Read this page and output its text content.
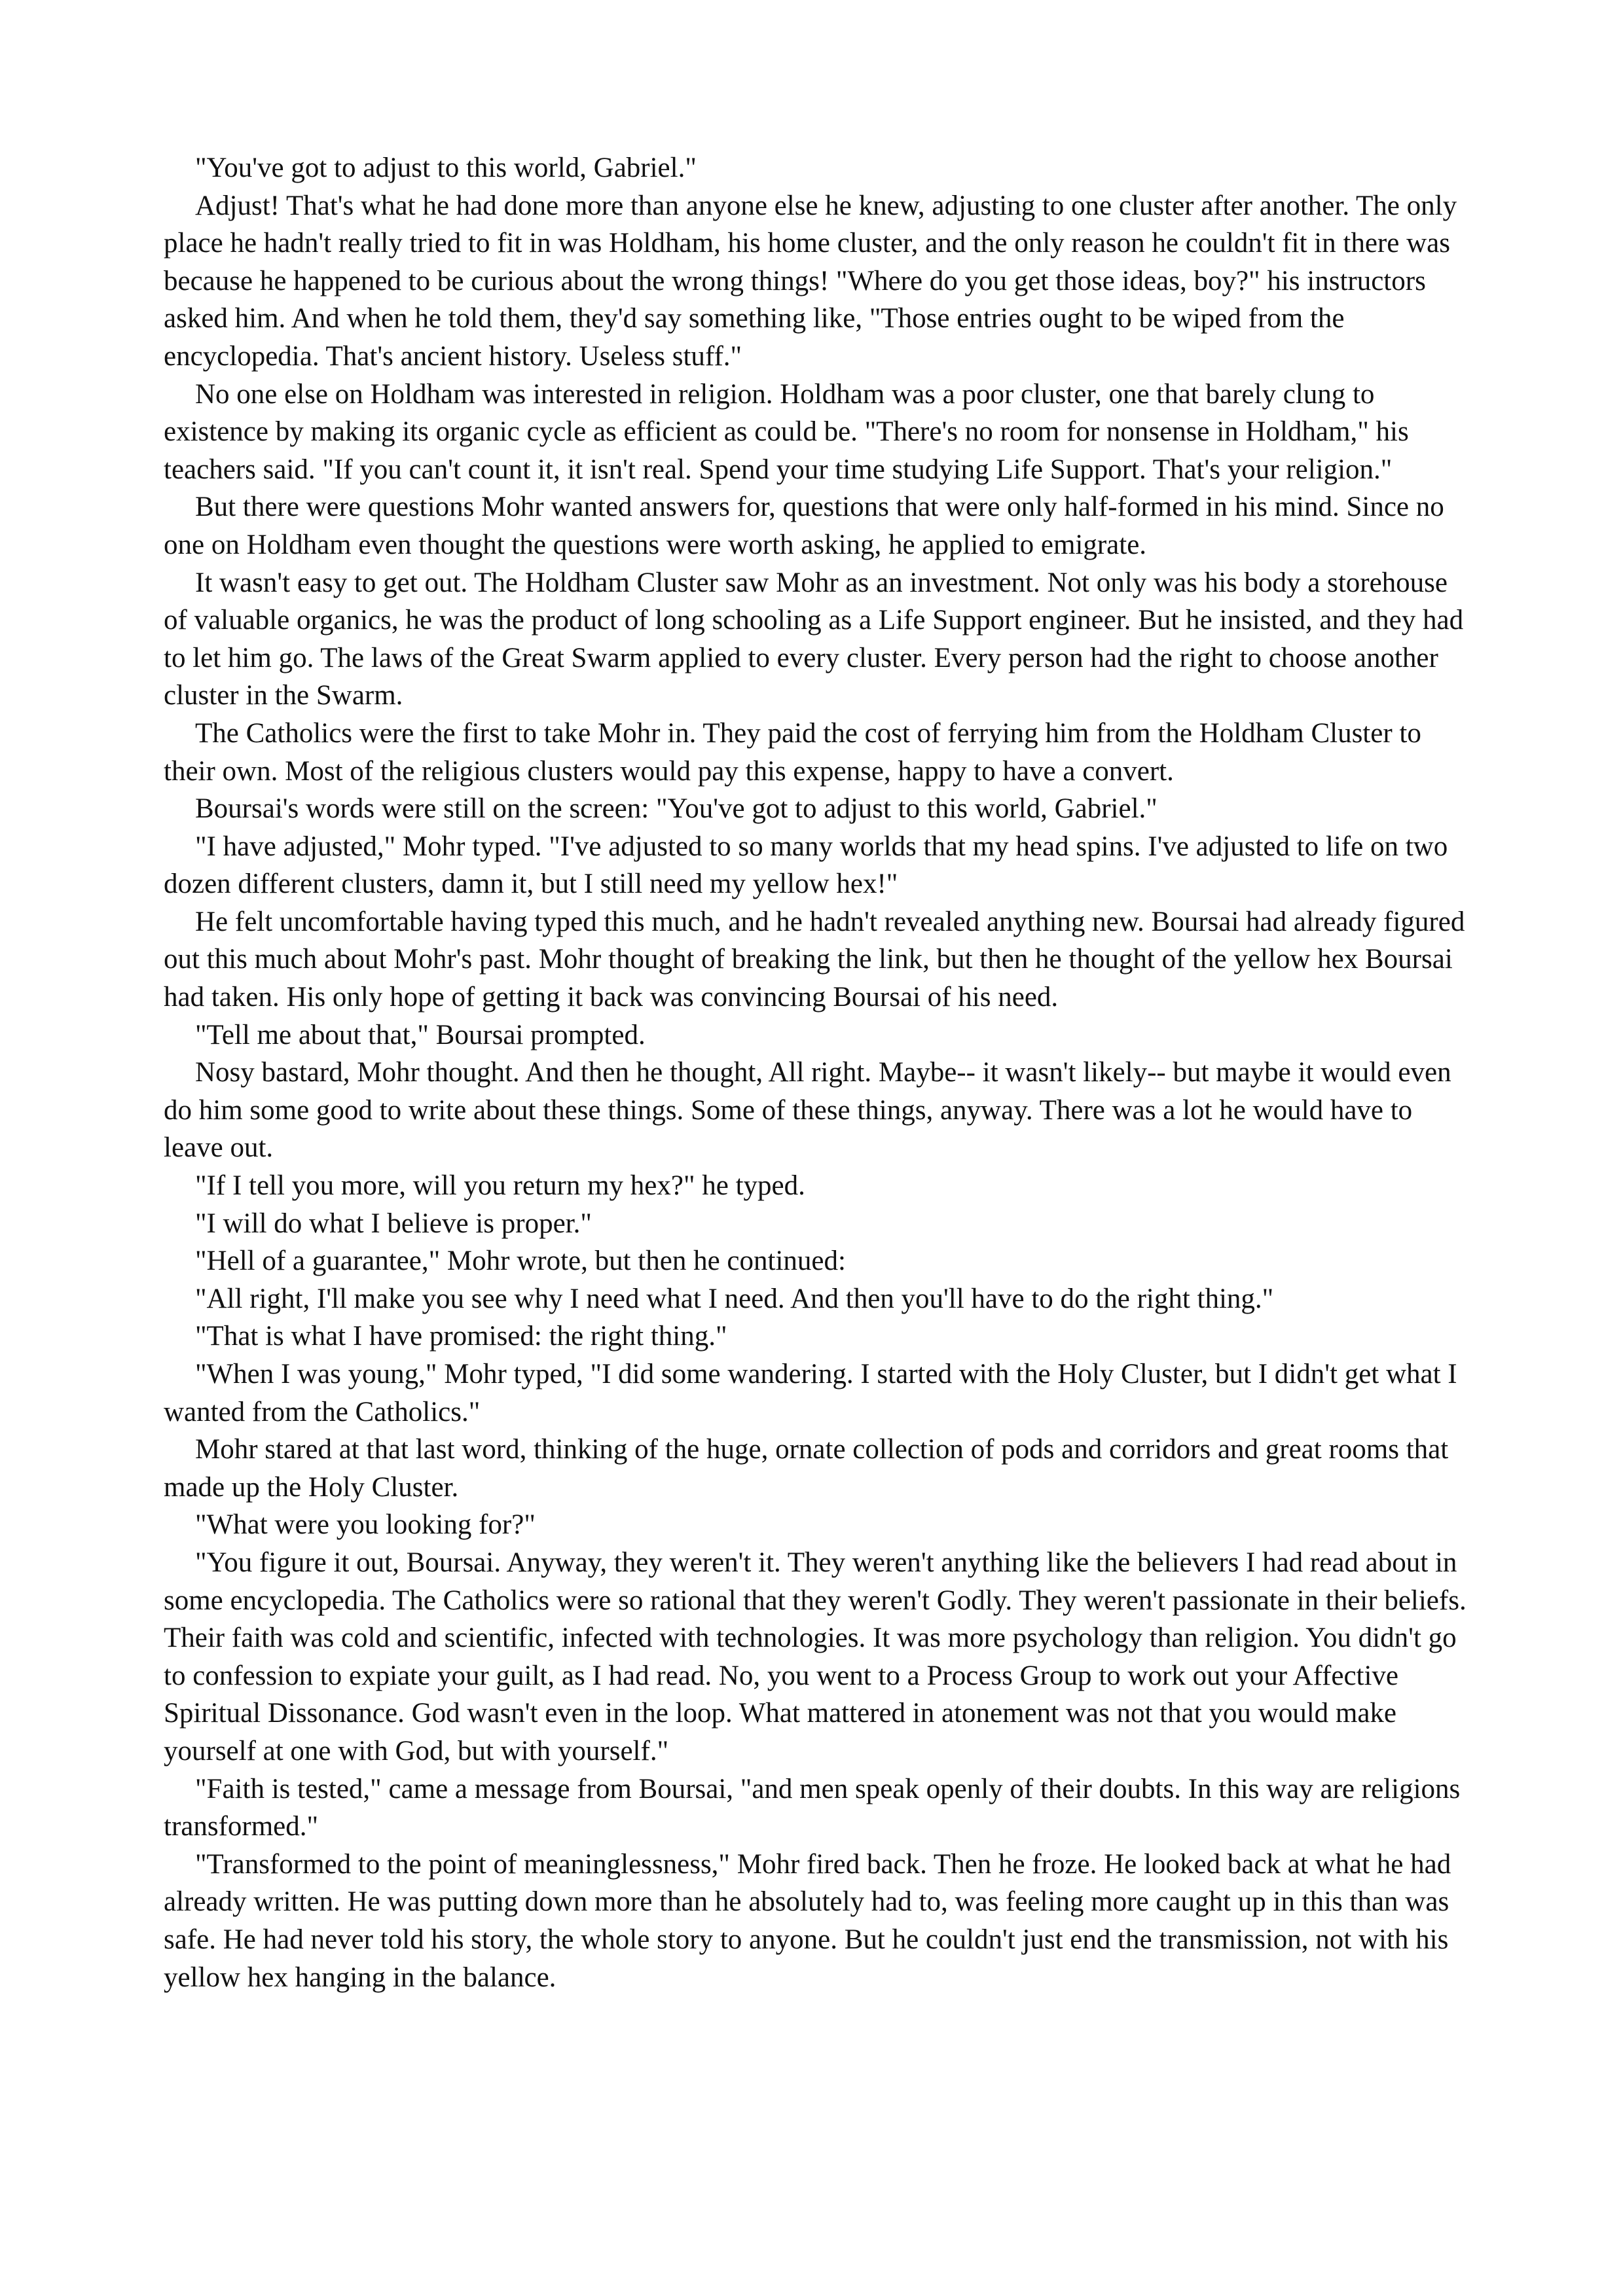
"You've got to adjust to this world, Gabriel."

Adjust! That's what he had done more than anyone else he knew, adjusting to one cluster after another. The only place he hadn't really tried to fit in was Holdham, his home cluster, and the only reason he couldn't fit in there was because he happened to be curious about the wrong things! "Where do you get those ideas, boy?" his instructors asked him. And when he told them, they'd say something like, "Those entries ought to be wiped from the encyclopedia. That's ancient history. Useless stuff."

No one else on Holdham was interested in religion. Holdham was a poor cluster, one that barely clung to existence by making its organic cycle as efficient as could be. "There's no room for nonsense in Holdham," his teachers said. "If you can't count it, it isn't real. Spend your time studying Life Support. That's your religion."

But there were questions Mohr wanted answers for, questions that were only half-formed in his mind. Since no one on Holdham even thought the questions were worth asking, he applied to emigrate.

It wasn't easy to get out. The Holdham Cluster saw Mohr as an investment. Not only was his body a storehouse of valuable organics, he was the product of long schooling as a Life Support engineer. But he insisted, and they had to let him go. The laws of the Great Swarm applied to every cluster. Every person had the right to choose another cluster in the Swarm.

The Catholics were the first to take Mohr in. They paid the cost of ferrying him from the Holdham Cluster to their own. Most of the religious clusters would pay this expense, happy to have a convert.

Boursai's words were still on the screen: "You've got to adjust to this world, Gabriel."

"I have adjusted," Mohr typed. "I've adjusted to so many worlds that my head spins. I've adjusted to life on two dozen different clusters, damn it, but I still need my yellow hex!"

He felt uncomfortable having typed this much, and he hadn't revealed anything new. Boursai had already figured out this much about Mohr's past. Mohr thought of breaking the link, but then he thought of the yellow hex Boursai had taken. His only hope of getting it back was convincing Boursai of his need.

"Tell me about that," Boursai prompted.

Nosy bastard, Mohr thought. And then he thought, All right. Maybe-- it wasn't likely-- but maybe it would even do him some good to write about these things. Some of these things, anyway. There was a lot he would have to leave out.

"If I tell you more, will you return my hex?" he typed.

"I will do what I believe is proper."

"Hell of a guarantee," Mohr wrote, but then he continued:

"All right, I'll make you see why I need what I need. And then you'll have to do the right thing."

"That is what I have promised: the right thing."

"When I was young," Mohr typed, "I did some wandering. I started with the Holy Cluster, but I didn't get what I wanted from the Catholics."

Mohr stared at that last word, thinking of the huge, ornate collection of pods and corridors and great rooms that made up the Holy Cluster.

"What were you looking for?"

"You figure it out, Boursai. Anyway, they weren't it. They weren't anything like the believers I had read about in some encyclopedia. The Catholics were so rational that they weren't Godly. They weren't passionate in their beliefs. Their faith was cold and scientific, infected with technologies. It was more psychology than religion. You didn't go to confession to expiate your guilt, as I had read. No, you went to a Process Group to work out your Affective Spiritual Dissonance. God wasn't even in the loop. What mattered in atonement was not that you would make yourself at one with God, but with yourself."

"Faith is tested," came a message from Boursai, "and men speak openly of their doubts. In this way are religions transformed."

"Transformed to the point of meaninglessness," Mohr fired back. Then he froze. He looked back at what he had already written. He was putting down more than he absolutely had to, was feeling more caught up in this than was safe. He had never told his story, the whole story to anyone. But he couldn't just end the transmission, not with his yellow hex hanging in the balance.
